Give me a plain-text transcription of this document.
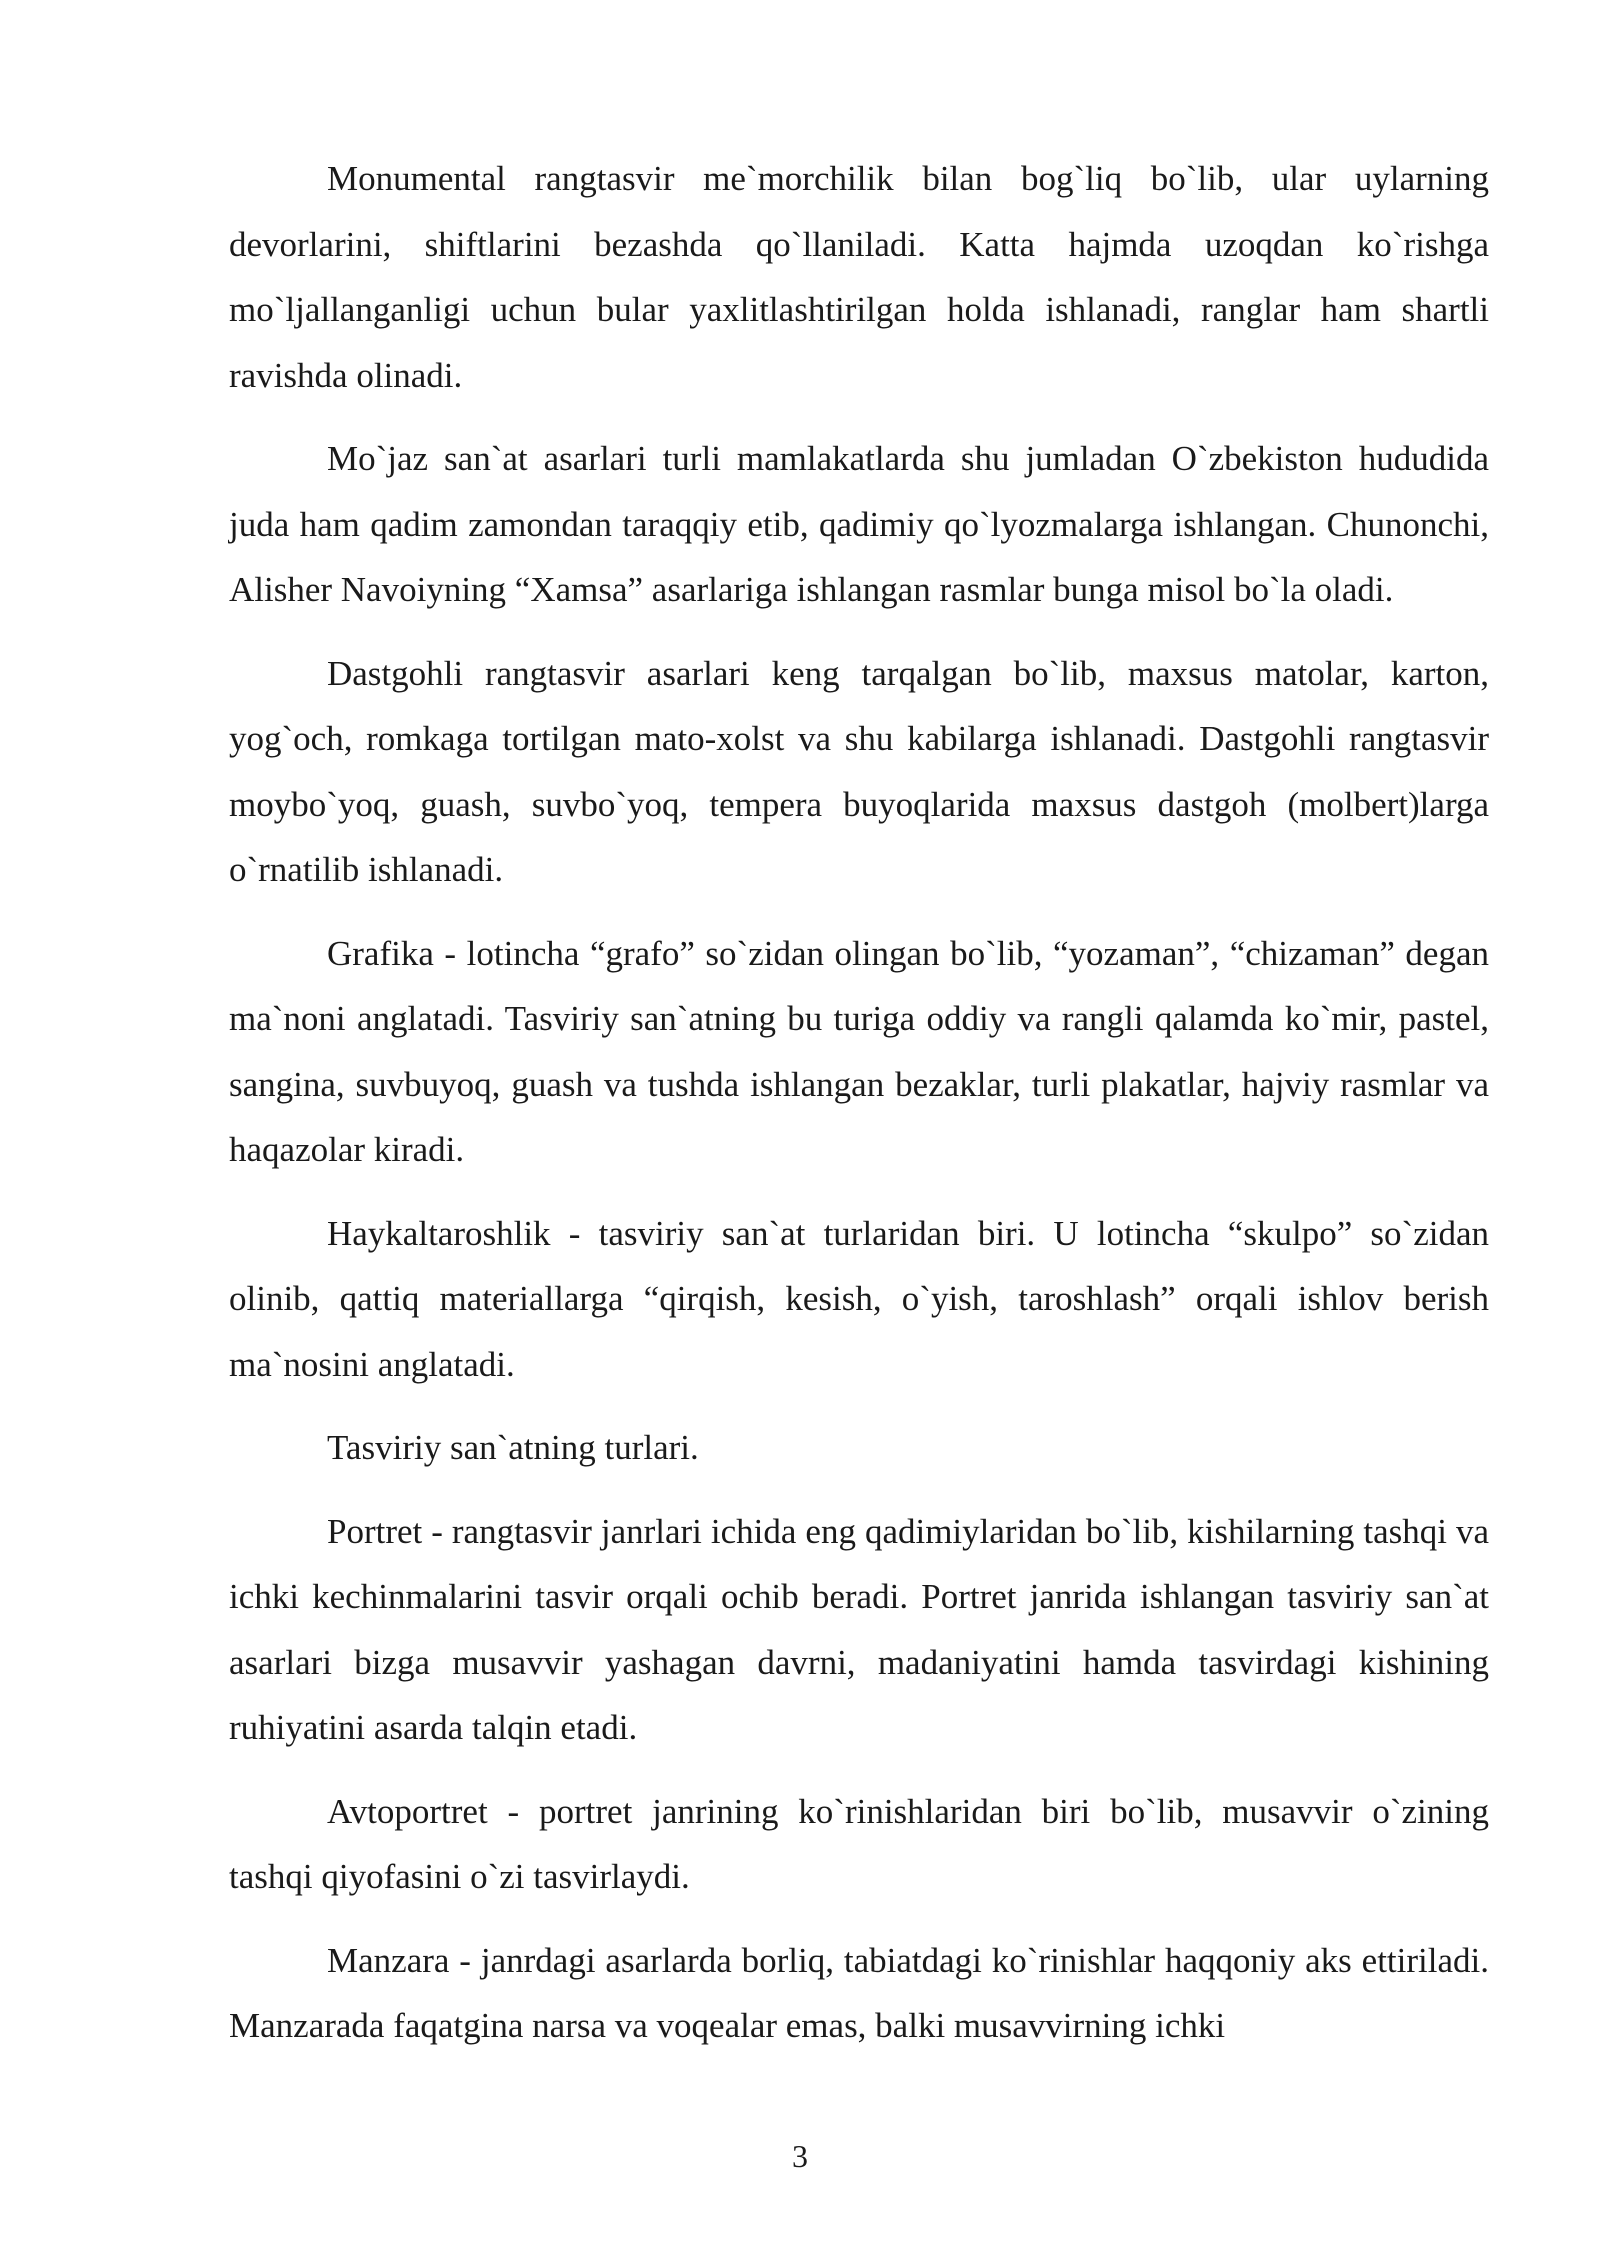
Monumental rangtasvir me`morchilik bilan bog`liq bo`lib, ular uylarning devorlarini, shiftlarini bezashda qo`llaniladi. Katta hajmda uzoqdan ko`rishga mo`ljallanganligi uchun bular yaxlitlashtirilgan holda ishlanadi, ranglar ham shartli ravishda olinadi.

Mo`jaz san`at asarlari turli mamlakatlarda shu jumladan O`zbekiston hududida juda ham qadim zamondan taraqqiy etib, qadimiy qo`lyozmalarga ishlangan. Chunonchi, Alisher Navoiyning “Xamsa” asarlariga ishlangan rasmlar bunga misol bo`la oladi.

Dastgohli rangtasvir asarlari keng tarqalgan bo`lib, maxsus matolar, karton, yog`och, romkaga tortilgan mato-xolst va shu kabilarga ishlanadi. Dastgohli rangtasvir moybo`yoq, guash, suvbo`yoq, tempera buyoqlarida maxsus dastgoh (molbert)larga o`rnatilib ishlanadi.

Grafika - lotincha “grafo” so`zidan olingan bo`lib, “yozaman”, “chizaman” degan ma`noni anglatadi. Tasviriy san`atning bu turiga oddiy va rangli qalamda ko`mir, pastel, sangina, suvbuyoq, guash va tushda ishlangan bezaklar, turli plakatlar, hajviy rasmlar va haqazolar kiradi.

Haykaltaroshlik - tasviriy san`at turlaridan biri. U lotincha “skulpo” so`zidan olinib, qattiq materiallarga “qirqish, kesish, o`yish, taroshlash” orqali ishlov berish ma`nosini anglatadi.

Tasviriy san`atning turlari.

Portret - rangtasvir janrlari ichida eng qadimiylaridan bo`lib, kishilarning tashqi va ichki kechinmalarini tasvir orqali ochib beradi. Portret janrida ishlangan tasviriy san`at asarlari bizga musavvir yashagan davrni, madaniyatini hamda tasvirdagi kishining ruhiyatini asarda talqin etadi.

Avtoportret - portret janrining ko`rinishlaridan biri bo`lib, musavvir o`zining tashqi qiyofasini o`zi tasvirlaydi.

Manzara - janrdagi asarlarda borliq, tabiatdagi ko`rinishlar haqqoniy aks ettiriladi. Manzarada faqatgina narsa va voqealar emas, balki musavvirning ichki

3
